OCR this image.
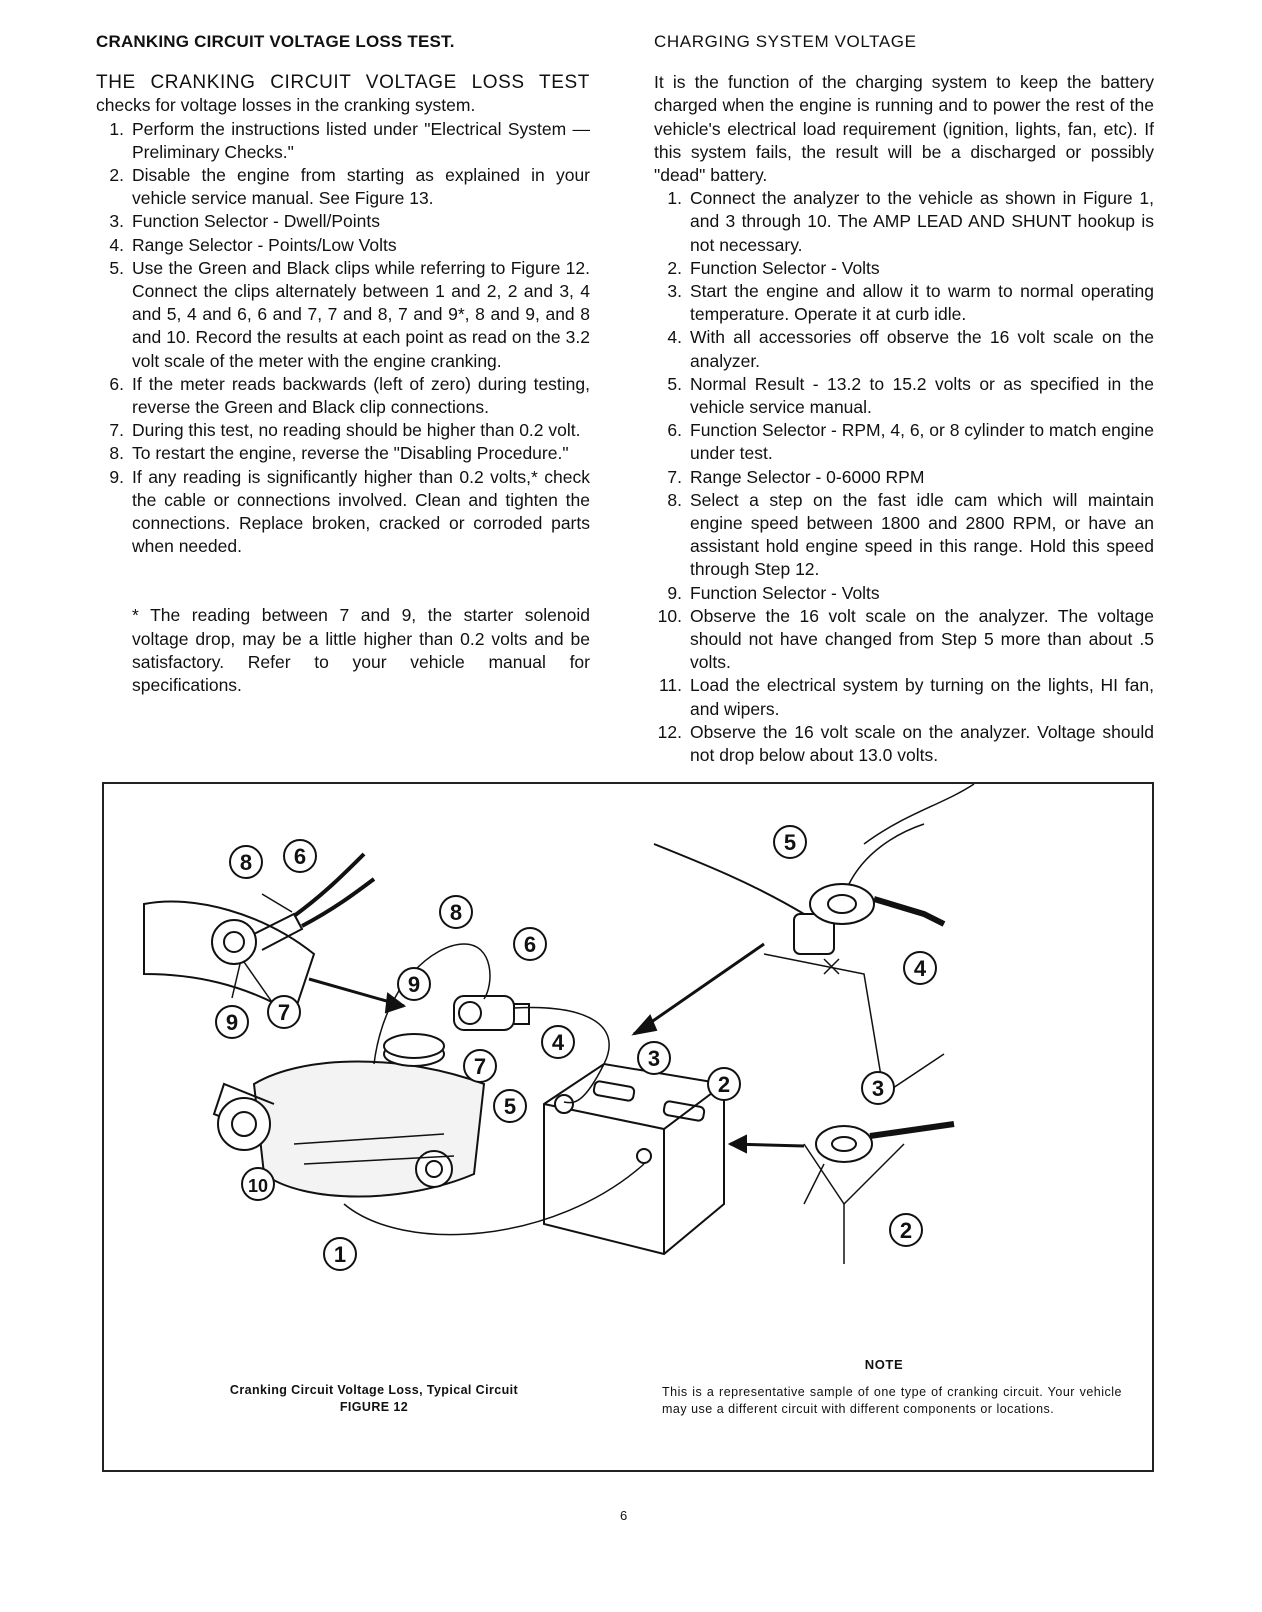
CRANKING CIRCUIT VOLTAGE LOSS TEST.

THE CRANKING CIRCUIT VOLTAGE LOSS TEST checks for voltage losses in the cranking system.

1. Perform the instructions listed under "Electrical System — Preliminary Checks."
2. Disable the engine from starting as explained in your vehicle service manual. See Figure 13.
3. Function Selector - Dwell/Points
4. Range Selector - Points/Low Volts
5. Use the Green and Black clips while referring to Figure 12. Connect the clips alternately between 1 and 2, 2 and 3, 4 and 5, 4 and 6, 6 and 7, 7 and 8, 7 and 9*, 8 and 9, and 8 and 10. Record the results at each point as read on the 3.2 volt scale of the meter with the engine cranking.
6. If the meter reads backwards (left of zero) during testing, reverse the Green and Black clip connections.
7. During this test, no reading should be higher than 0.2 volt.
8. To restart the engine, reverse the "Disabling Procedure."
9. If any reading is significantly higher than 0.2 volts,* check the cable or connections involved. Clean and tighten the connections. Replace broken, cracked or corroded parts when needed.

* The reading between 7 and 9, the starter solenoid voltage drop, may be a little higher than 0.2 volts and be satisfactory. Refer to your vehicle manual for specifications.

CHARGING SYSTEM VOLTAGE

It is the function of the charging system to keep the battery charged when the engine is running and to power the rest of the vehicle's electrical load requirement (ignition, lights, fan, etc). If this system fails, the result will be a discharged or possibly "dead" battery.

1. Connect the analyzer to the vehicle as shown in Figure 1, and 3 through 10. The AMP LEAD AND SHUNT hookup is not necessary.
2. Function Selector - Volts
3. Start the engine and allow it to warm to normal operating temperature. Operate it at curb idle.
4. With all accessories off observe the 16 volt scale on the analyzer.
5. Normal Result - 13.2 to 15.2 volts or as specified in the vehicle service manual.
6. Function Selector - RPM, 4, 6, or 8 cylinder to match engine under test.
7. Range Selector - 0-6000 RPM
8. Select a step on the fast idle cam which will maintain engine speed between 1800 and 2800 RPM, or have an assistant hold engine speed in this range. Hold this speed through Step 12.
9. Function Selector - Volts
10. Observe the 16 volt scale on the analyzer. The voltage should not have changed from Step 5 more than about .5 volts.
11. Load the electrical system by turning on the lights, HI fan, and wipers.
12. Observe the 16 volt scale on the analyzer. Voltage should not drop below about 13.0 volts.
8 6
9 7
8
6
9
7
4
5
3
2
10
1
5
4
3
2
Cranking Circuit Voltage Loss, Typical Circuit
FIGURE 12
NOTE
This is a representative sample of one type of cranking circuit. Your vehicle may use a different circuit with different components or locations.
6
